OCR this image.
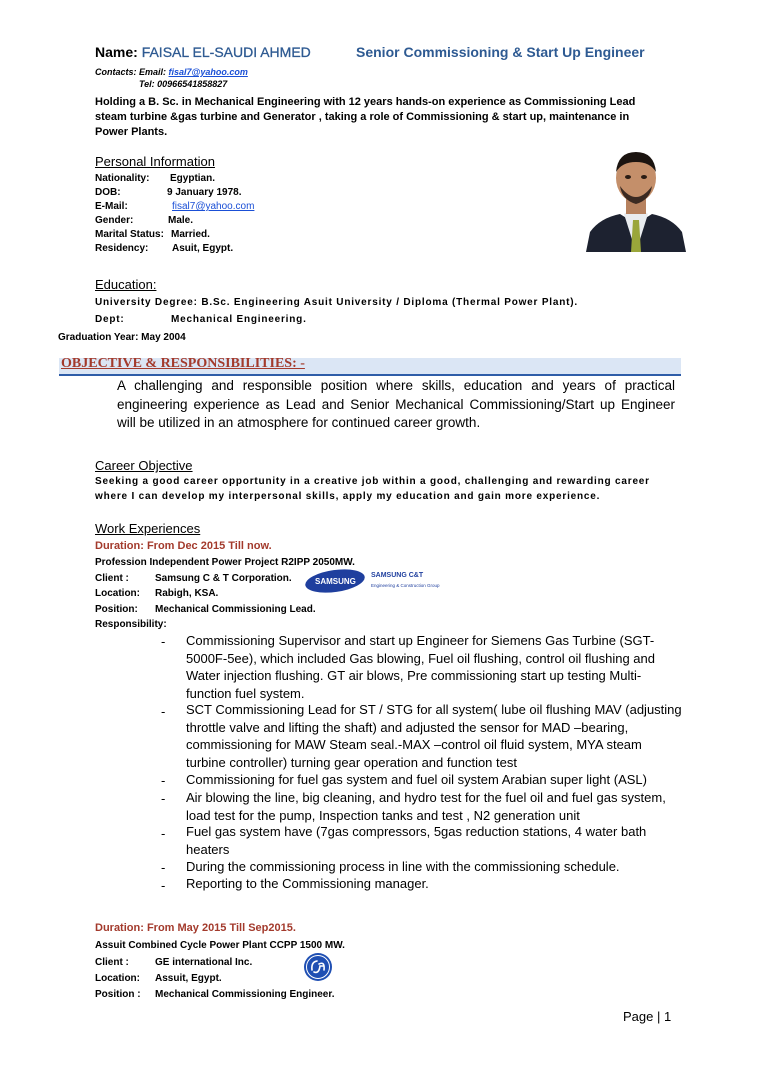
Name: FAISAL EL-SAUDI AHMED	Senior Commissioning & Start Up Engineer
Contacts: Email: fisal7@yahoo.com
Tel: 00966541858827
Holding a B. Sc. in Mechanical Engineering with 12 years hands-on experience as Commissioning Lead steam turbine &gas turbine and Generator , taking a role of Commissioning & start up, maintenance in Power Plants.
Personal Information
Nationality: Egyptian.
DOB:	9 January 1978.
E-Mail:	fisal7@yahoo.com
Gender:	Male.
Marital Status: Married.
Residency: Asuit, Egypt.
Education:
University Degree: B.Sc. Engineering Asuit University / Diploma (Thermal Power Plant).
Dept:	Mechanical Engineering.
Graduation Year: May 2004
OBJECTIVE & RESPONSIBILITIES: -
A challenging and responsible position where skills, education and years of practical engineering experience as Lead and Senior Mechanical Commissioning/Start up Engineer will be utilized in an atmosphere for continued career growth.
Career Objective
Seeking a good career opportunity in a creative job within a good, challenging and rewarding career where I can develop my interpersonal skills, apply my education and gain more experience.
Work Experiences
Duration: From Dec 2015 Till now.
Profession Independent Power Project R2IPP 2050MW.
Client :	Samsung C & T Corporation.
Location: Rabigh, KSA.
Position: Mechanical Commissioning Lead.
Responsibility:
SAMSUNG
SAMSUNG C&T
Engineering & Construction Group
- Commissioning Supervisor and start up Engineer for Siemens Gas Turbine (SGT-5000F-5ee), which included Gas blowing, Fuel oil flushing, control oil flushing and Water injection flushing. GT air blows, Pre commissioning start up testing Multi-function fuel system.
- SCT Commissioning Lead for ST / STG for all system( lube oil flushing MAV (adjusting throttle valve and lifting the shaft) and adjusted the sensor for MAD –bearing, commissioning for MAW Steam seal.-MAX –control oil fluid system, MYA steam turbine controller) turning gear operation and function test
- Commissioning for fuel gas system and fuel oil system Arabian super light (ASL)
- Air blowing the line, big cleaning, and hydro test for the fuel oil and fuel gas system, load test for the pump, Inspection tanks and test , N2 generation unit
- Fuel gas system have (7gas compressors, 5gas reduction stations, 4 water bath heaters
- During the commissioning process in line with the commissioning schedule.
- Reporting to the Commissioning manager.
Duration: From May 2015 Till Sep2015.
Assuit Combined Cycle Power Plant CCPP 1500 MW.
Client :	GE international Inc.
Location: Assuit, Egypt.
Position : Mechanical Commissioning Engineer.
Page | 1
